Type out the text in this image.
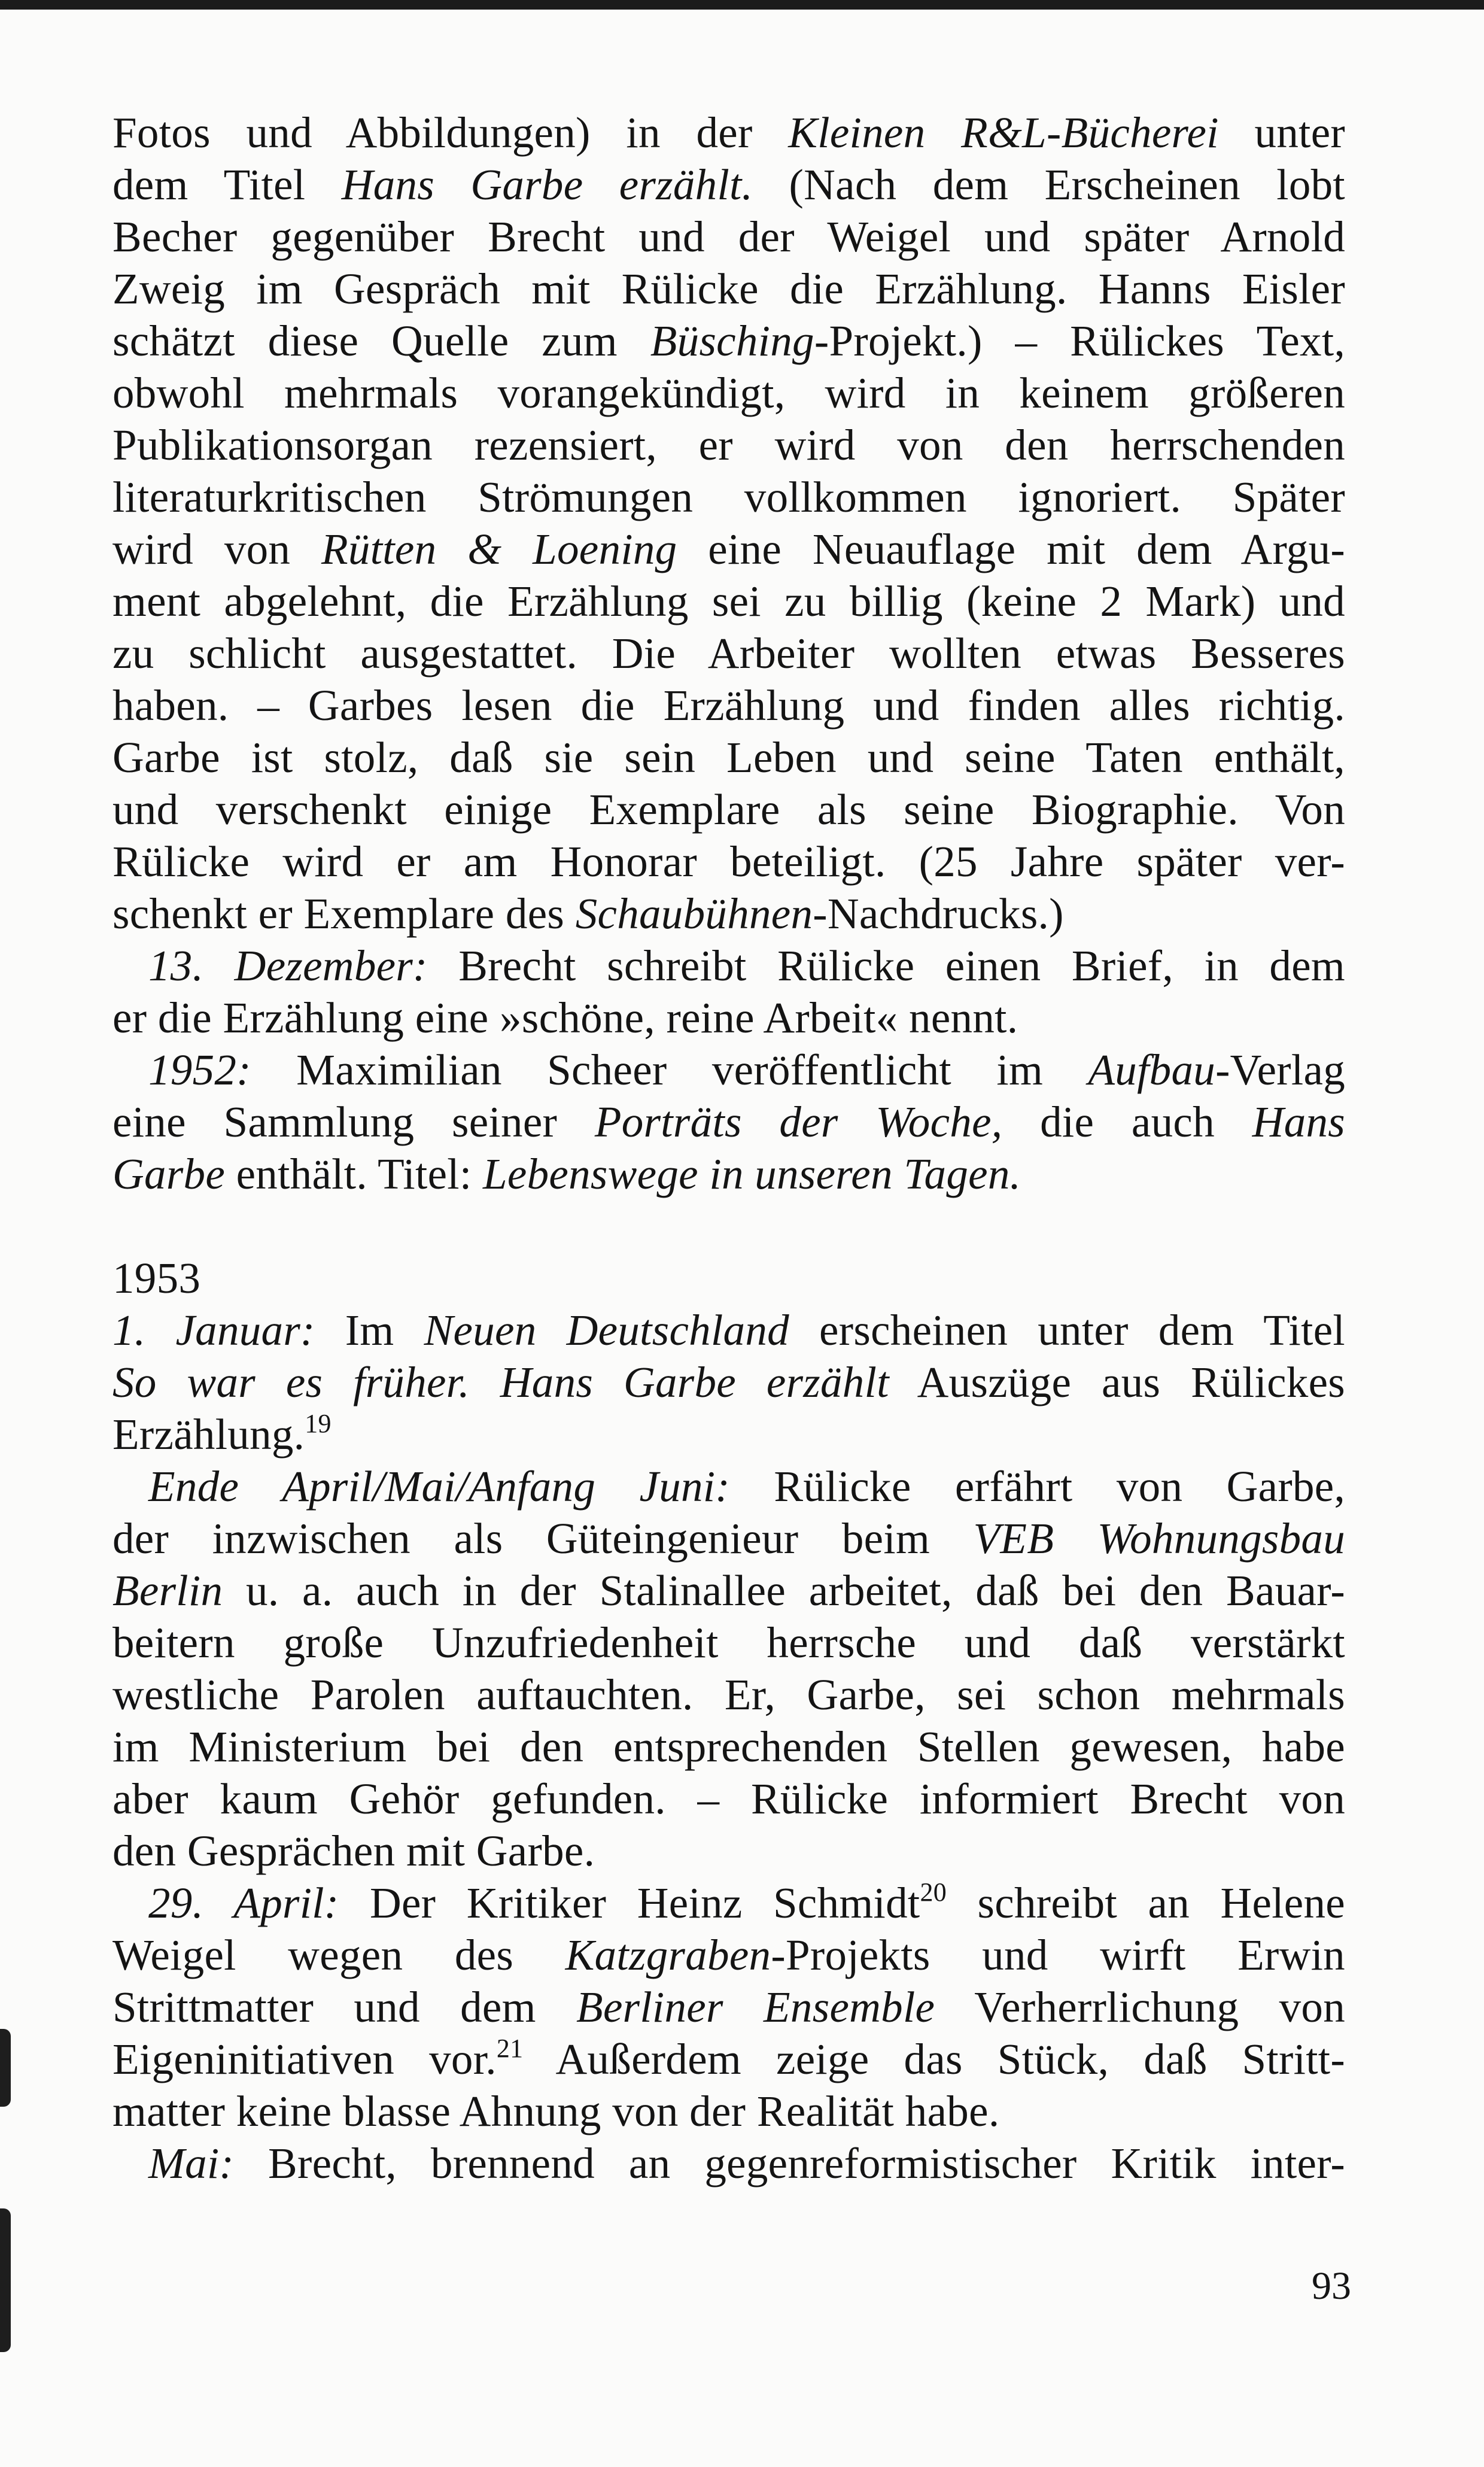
Fotos und Abbildungen) in der Kleinen R&L-Bücherei unter
dem Titel Hans Garbe erzählt. (Nach dem Erscheinen lobt
Becher gegenüber Brecht und der Weigel und später Arnold
Zweig im Gespräch mit Rülicke die Erzählung. Hanns Eisler
schätzt diese Quelle zum Büsching-Projekt.) – Rülickes Text,
obwohl mehrmals vorangekündigt, wird in keinem größeren
Publikationsorgan rezensiert, er wird von den herrschenden
literaturkritischen Strömungen vollkommen ignoriert. Später
wird von Rütten & Loening eine Neuauflage mit dem Argu-
ment abgelehnt, die Erzählung sei zu billig (keine 2 Mark) und
zu schlicht ausgestattet. Die Arbeiter wollten etwas Besseres
haben. – Garbes lesen die Erzählung und finden alles richtig.
Garbe ist stolz, daß sie sein Leben und seine Taten enthält,
und verschenkt einige Exemplare als seine Biographie. Von
Rülicke wird er am Honorar beteiligt. (25 Jahre später ver-
schenkt er Exemplare des Schaubühnen-Nachdrucks.)
13. Dezember: Brecht schreibt Rülicke einen Brief, in dem
er die Erzählung eine »schöne, reine Arbeit« nennt.
1952: Maximilian Scheer veröffentlicht im Aufbau-Verlag
eine Sammlung seiner Porträts der Woche, die auch Hans
Garbe enthält. Titel: Lebenswege in unseren Tagen.
1953
1. Januar: Im Neuen Deutschland erscheinen unter dem Titel
So war es früher. Hans Garbe erzählt Auszüge aus Rülickes
Erzählung.$^{19}$
Ende April/Mai/Anfang Juni: Rülicke erfährt von Garbe,
der inzwischen als Güteingenieur beim VEB Wohnungsbau
Berlin u. a. auch in der Stalinallee arbeitet, daß bei den Bauar-
beitern große Unzufriedenheit herrsche und daß verstärkt
westliche Parolen auftauchten. Er, Garbe, sei schon mehrmals
im Ministerium bei den entsprechenden Stellen gewesen, habe
aber kaum Gehör gefunden. – Rülicke informiert Brecht von
den Gesprächen mit Garbe.
29. April: Der Kritiker Heinz Schmidt$^{20}$ schreibt an Helene
Weigel wegen des Katzgraben-Projekts und wirft Erwin
Strittmatter und dem Berliner Ensemble Verherrlichung von
Eigeninitiativen vor.$^{21}$ Außerdem zeige das Stück, daß Stritt-
matter keine blasse Ahnung von der Realität habe.
Mai: Brecht, brennend an gegenreformistischer Kritik inter-
93
